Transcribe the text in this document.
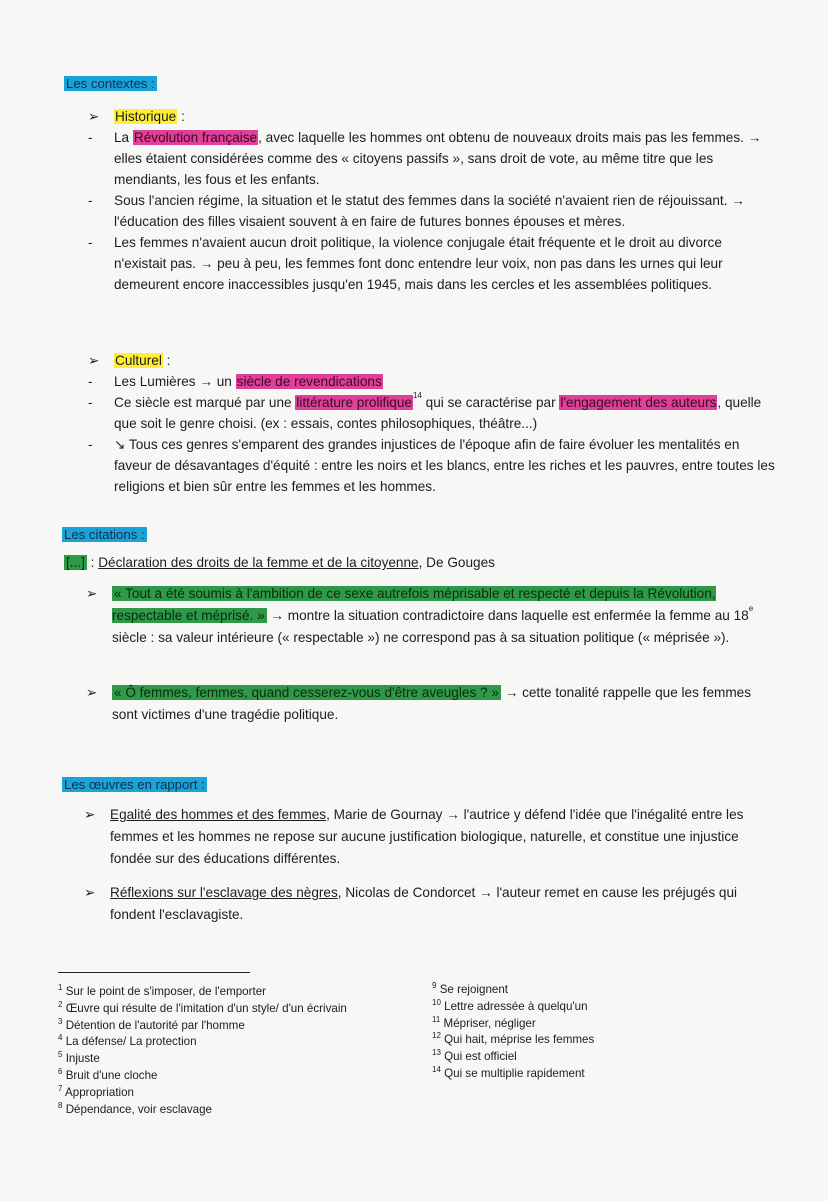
Les contextes :
➢	Historique :
-	La Révolution française, avec laquelle les hommes ont obtenu de nouveaux droits mais pas les femmes. → elles étaient considérées comme des « citoyens passifs », sans droit de vote, au même titre que les mendiants, les fous et les enfants.
-	Sous l'ancien régime, la situation et le statut des femmes dans la société n'avaient rien de réjouissant. → l'éducation des filles visaient souvent à en faire de futures bonnes épouses et mères.
-	Les femmes n'avaient aucun droit politique, la violence conjugale était fréquente et le droit au divorce n'existait pas. → peu à peu, les femmes font donc entendre leur voix, non pas dans les urnes qui leur demeurent encore inaccessibles jusqu'en 1945, mais dans les cercles et les assemblées politiques.
➢	Culturel :
-	Les Lumières → un siècle de revendications
-	Ce siècle est marqué par une littérature prolifique$^{14}$ qui se caractérise par l'engagement des auteurs, quelle que soit le genre choisi. (ex : essais, contes philosophiques, théâtre...)
-	↘ Tous ces genres s'emparent des grandes injustices de l'époque afin de faire évoluer les mentalités en faveur de désavantages d'équité : entre les noirs et les blancs, entre les riches et les pauvres, entre toutes les religions et bien sûr entre les femmes et les hommes.
Les citations :
[...] : Déclaration des droits de la femme et de la citoyenne, De Gouges
➢	« Tout a été soumis à l'ambition de ce sexe autrefois méprisable et respecté et depuis la Révolution, respectable et méprisé. » → montre la situation contradictoire dans laquelle est enfermée la femme au 18e siècle : sa valeur intérieure (« respectable ») ne correspond pas à sa situation politique (« méprisée »).
➢	« Ô femmes, femmes, quand cesserez-vous d'être aveugles ? » → cette tonalité rappelle que les femmes sont victimes d'une tragédie politique.
Les œuvres en rapport :
➢	Egalité des hommes et des femmes, Marie de Gournay → l'autrice y défend l'idée que l'inégalité entre les femmes et les hommes ne repose sur aucune justification biologique, naturelle, et constitue une injustice fondée sur des éducations différentes.
➢	Réflexions sur l'esclavage des nègres, Nicolas de Condorcet → l'auteur remet en cause les préjugés qui fondent l'esclavagiste.
$^1$ Sur le point de s'imposer, de l'emporter
$^2$ Œuvre qui résulte de l'imitation d'un style/ d'un écrivain
$^3$ Détention de l'autorité par l'homme
$^4$ La défense/ La protection
$^5$ Injuste
$^6$ Bruit d'une cloche
$^7$ Appropriation
$^8$ Dépendance, voir esclavage
$^9$ Se rejoignent
$^{10}$ Lettre adressée à quelqu'un
$^{11}$ Mépriser, négliger
$^{12}$ Qui hait, méprise les femmes
$^{13}$ Qui est officiel
$^{14}$ Qui se multiplie rapidement
